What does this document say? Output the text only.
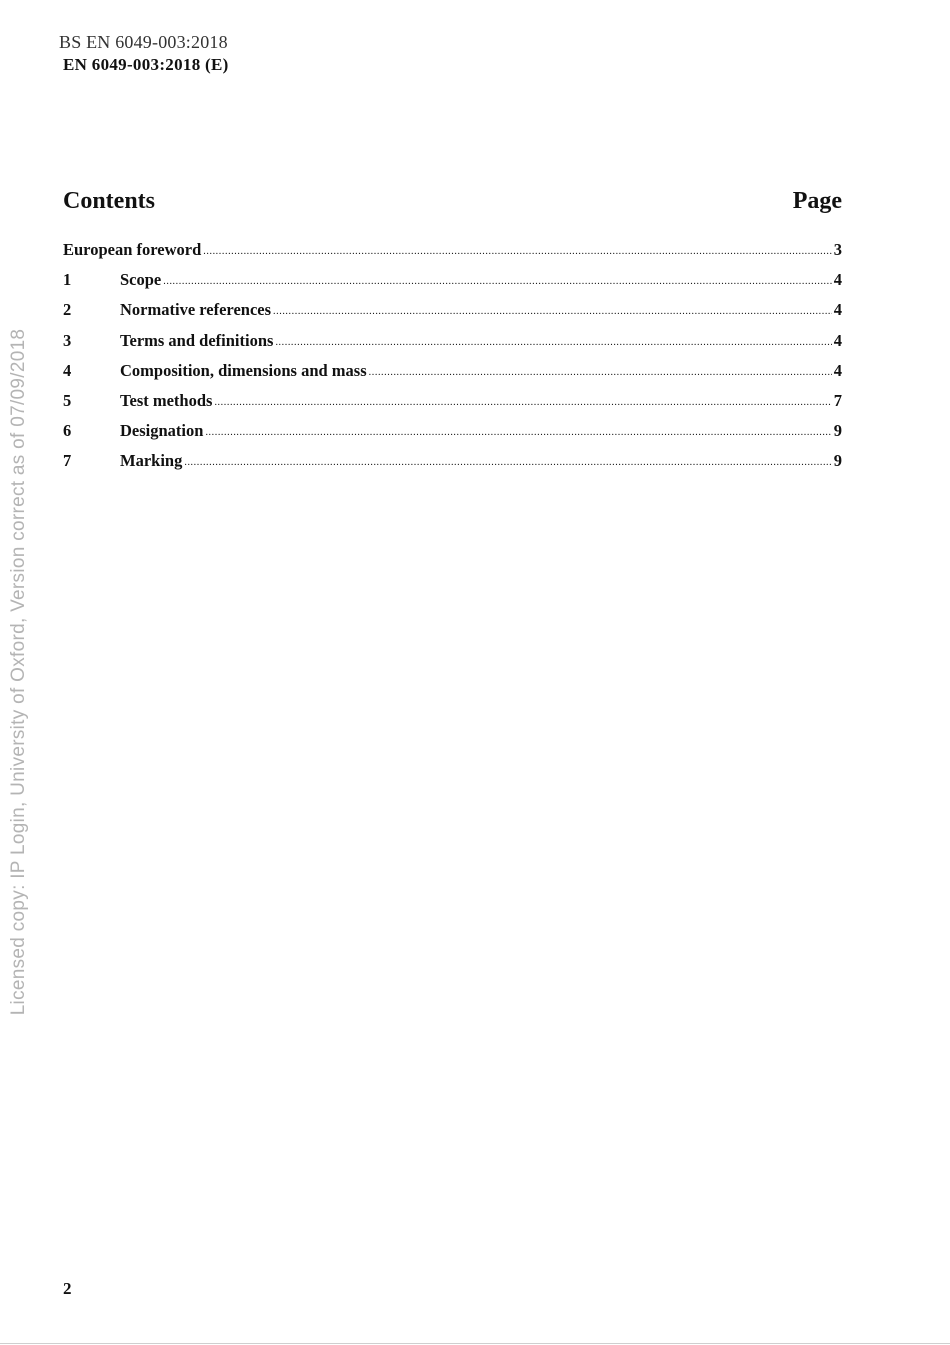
BS EN 6049-003:2018
EN 6049-003:2018 (E)
Contents	Page
European foreword .....	3
1	Scope .....	4
2	Normative references .....	4
3	Terms and definitions .....	4
4	Composition, dimensions and mass .....	4
5	Test methods .....	7
6	Designation .....	9
7	Marking .....	9
Licensed copy: IP Login, University of Oxford, Version correct as of 07/09/2018
2
